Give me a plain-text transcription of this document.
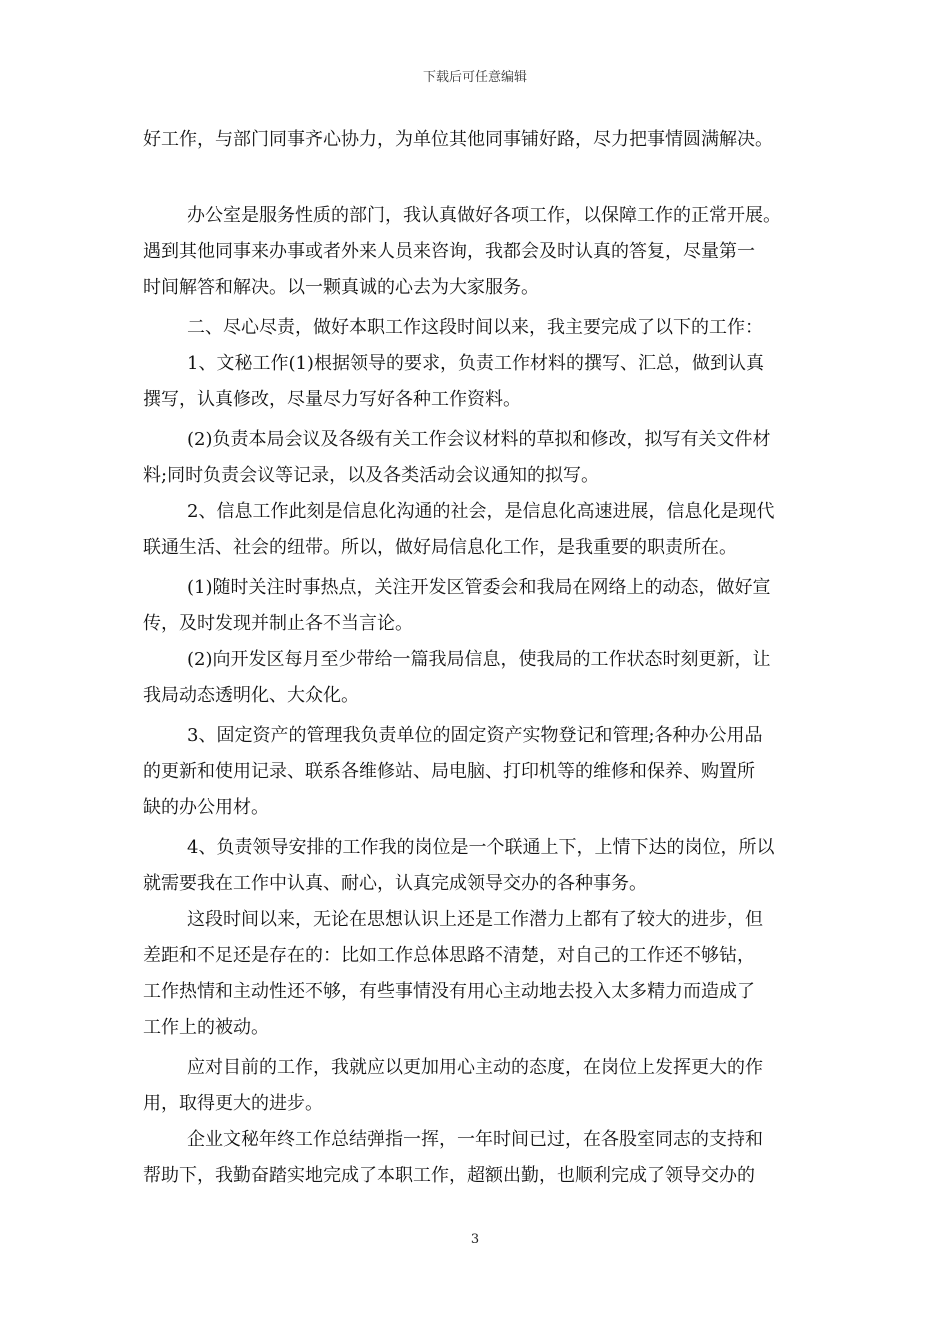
下载后可任意编辑
好工作，与部门同事齐心协力，为单位其他同事铺好路，尽力把事情圆满解决。
办公室是服务性质的部门，我认真做好各项工作，以保障工作的正常开展。
遇到其他同事来办事或者外来人员来咨询，我都会及时认真的答复，尽量第一
时间解答和解决。以一颗真诚的心去为大家服务。
二、尽心尽责，做好本职工作这段时间以来，我主要完成了以下的工作：
1、文秘工作(1)根据领导的要求，负责工作材料的撰写、汇总，做到认真
撰写，认真修改，尽量尽力写好各种工作资料。
(2)负责本局会议及各级有关工作会议材料的草拟和修改，拟写有关文件材
料;同时负责会议等记录，以及各类活动会议通知的拟写。
2、信息工作此刻是信息化沟通的社会，是信息化高速进展，信息化是现代
联通生活、社会的纽带。所以，做好局信息化工作，是我重要的职责所在。
(1)随时关注时事热点，关注开发区管委会和我局在网络上的动态，做好宣
传，及时发现并制止各不当言论。
(2)向开发区每月至少带给一篇我局信息，使我局的工作状态时刻更新，让
我局动态透明化、大众化。
3、固定资产的管理我负责单位的固定资产实物登记和管理;各种办公用品
的更新和使用记录、联系各维修站、局电脑、打印机等的维修和保养、购置所
缺的办公用材。
4、负责领导安排的工作我的岗位是一个联通上下，上情下达的岗位，所以
就需要我在工作中认真、耐心，认真完成领导交办的各种事务。
这段时间以来，无论在思想认识上还是工作潜力上都有了较大的进步，但
差距和不足还是存在的：比如工作总体思路不清楚，对自己的工作还不够钻，
工作热情和主动性还不够，有些事情没有用心主动地去投入太多精力而造成了
工作上的被动。
应对目前的工作，我就应以更加用心主动的态度，在岗位上发挥更大的作
用，取得更大的进步。
企业文秘年终工作总结弹指一挥，一年时间已过，在各股室同志的支持和
帮助下，我勤奋踏实地完成了本职工作，超额出勤，也顺利完成了领导交办的
3
